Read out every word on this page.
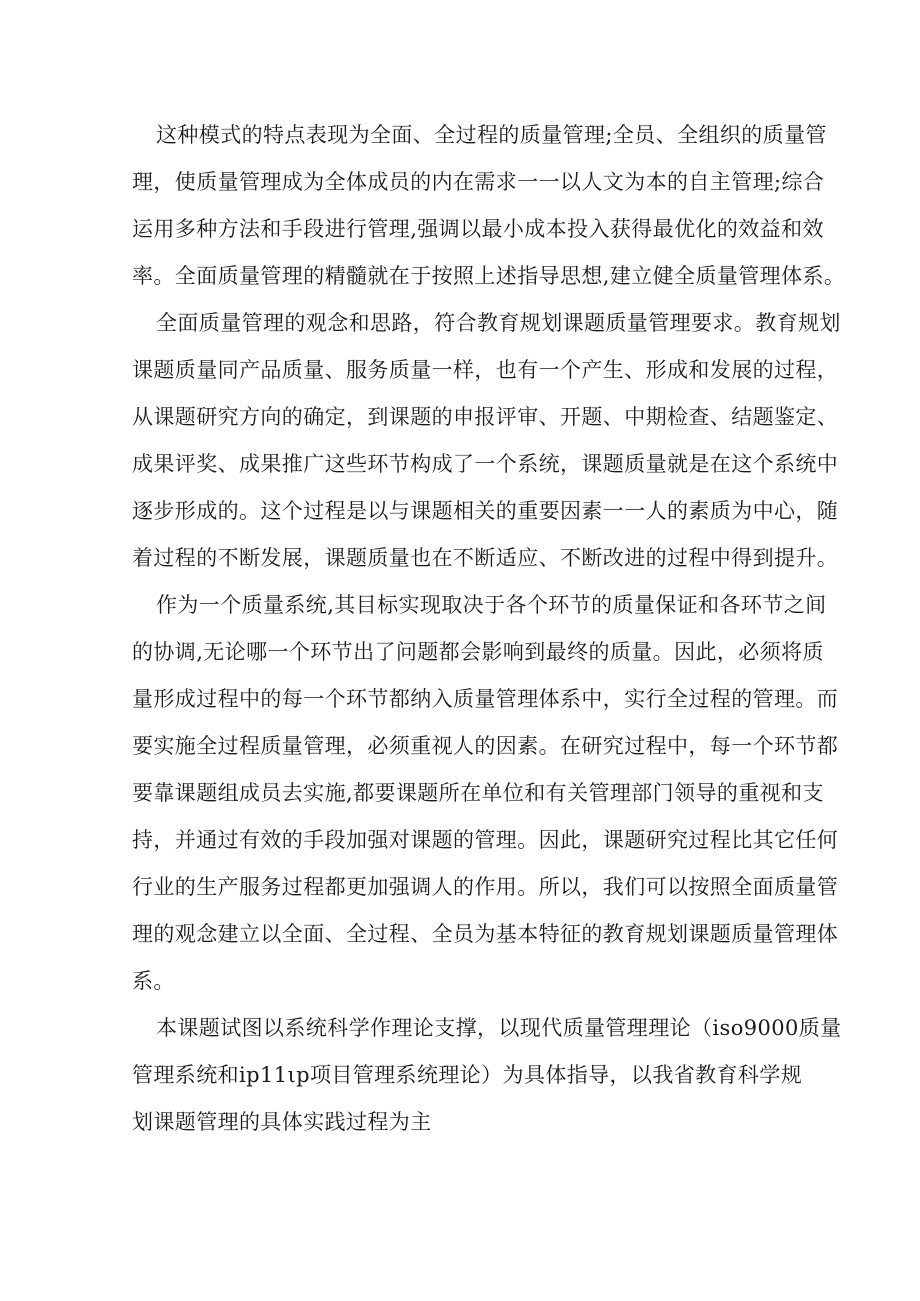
这种模式的特点表现为全面、全过程的质量管理;全员、全组织的质量管
理，使质量管理成为全体成员的内在需求一一以人文为本的自主管理;综合
运用多种方法和手段进行管理,强调以最小成本投入获得最优化的效益和效
率。全面质量管理的精髓就在于按照上述指导思想,建立健全质量管理体系。
全面质量管理的观念和思路，符合教育规划课题质量管理要求。教育规划
课题质量同产品质量、服务质量一样，也有一个产生、形成和发展的过程，
从课题研究方向的确定，到课题的申报评审、开题、中期检查、结题鉴定、
成果评奖、成果推广这些环节构成了一个系统，课题质量就是在这个系统中
逐步形成的。这个过程是以与课题相关的重要因素一一人的素质为中心，随
着过程的不断发展，课题质量也在不断适应、不断改进的过程中得到提升。
作为一个质量系统,其目标实现取决于各个环节的质量保证和各环节之间
的协调,无论哪一个环节出了问题都会影响到最终的质量。因此，必须将质
量形成过程中的每一个环节都纳入质量管理体系中，实行全过程的管理。而
要实施全过程质量管理，必须重视人的因素。在研究过程中，每一个环节都
要靠课题组成员去实施,都要课题所在单位和有关管理部门领导的重视和支
持，并通过有效的手段加强对课题的管理。因此，课题研究过程比其它任何
行业的生产服务过程都更加强调人的作用。所以，我们可以按照全面质量管
理的观念建立以全面、全过程、全员为基本特征的教育规划课题质量管理体
系。
本课题试图以系统科学作理论支撑，以现代质量管理理论（iso9000质量
管理系统和ip11ιp项目管理系统理论）为具体指导，以我省教育科学规
划课题管理的具体实践过程为主
